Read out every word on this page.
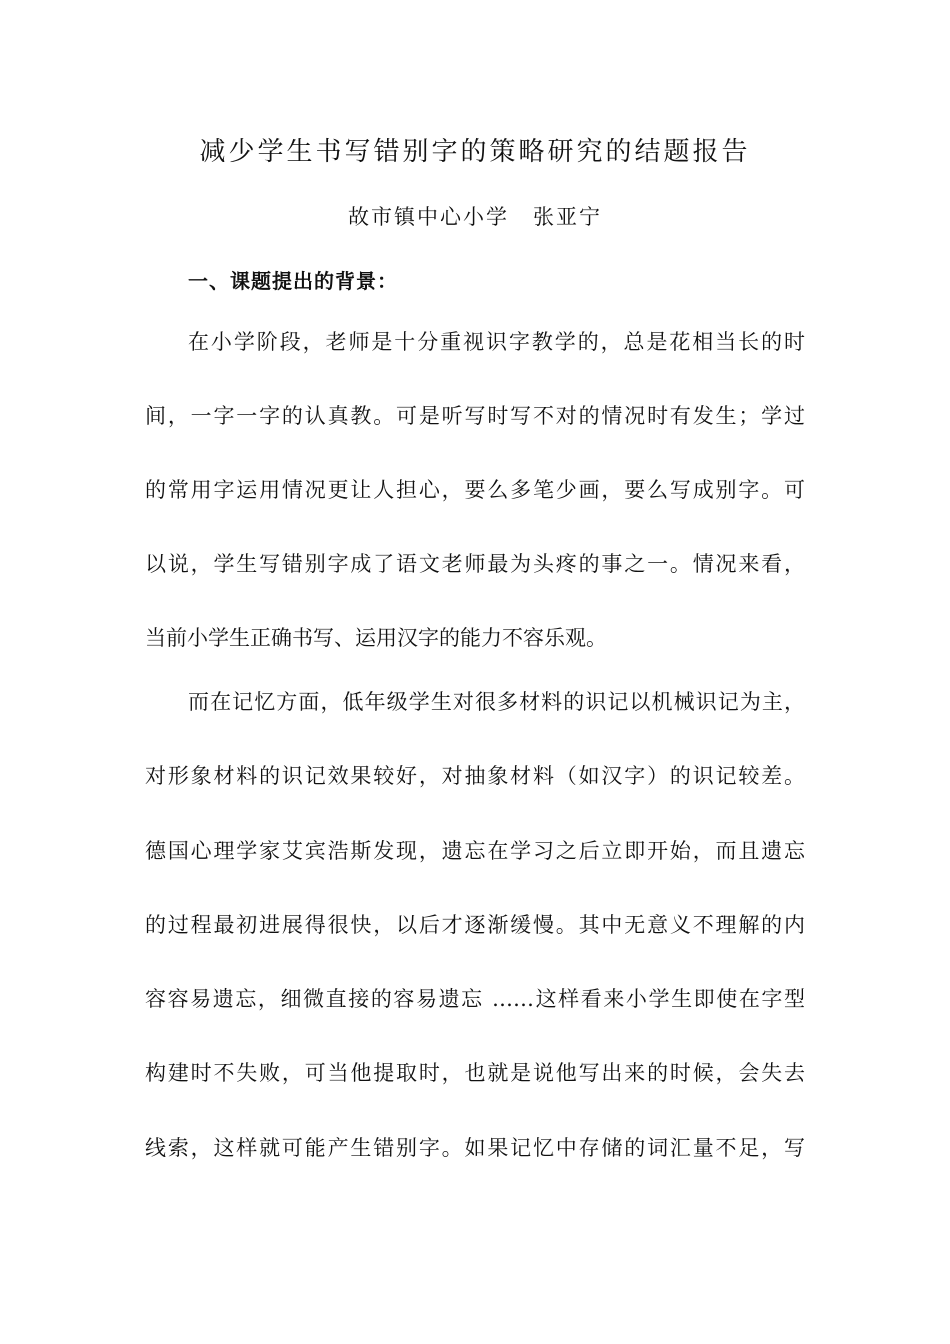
减少学生书写错别字的策略研究的结题报告
故市镇中心小学 张亚宁
一、课题提出的背景：
在小学阶段，老师是十分重视识字教学的，总是花相当长的时
间，一字一字的认真教。可是听写时写不对的情况时有发生；学过
的常用字运用情况更让人担心，要么多笔少画，要么写成别字。可
以说，学生写错别字成了语文老师最为头疼的事之一。情况来看，
当前小学生正确书写、运用汉字的能力不容乐观。
而在记忆方面，低年级学生对很多材料的识记以机械识记为主，
对形象材料的识记效果较好，对抽象材料（如汉字）的识记较差。
德国心理学家艾宾浩斯发现，遗忘在学习之后立即开始，而且遗忘
的过程最初进展得很快，以后才逐渐缓慢。其中无意义不理解的内
容容易遗忘，细微直接的容易遗忘 ……这样看来小学生即使在字型
构建时不失败，可当他提取时，也就是说他写出来的时候，会失去
线索，这样就可能产生错别字。如果记忆中存储的词汇量不足，写
